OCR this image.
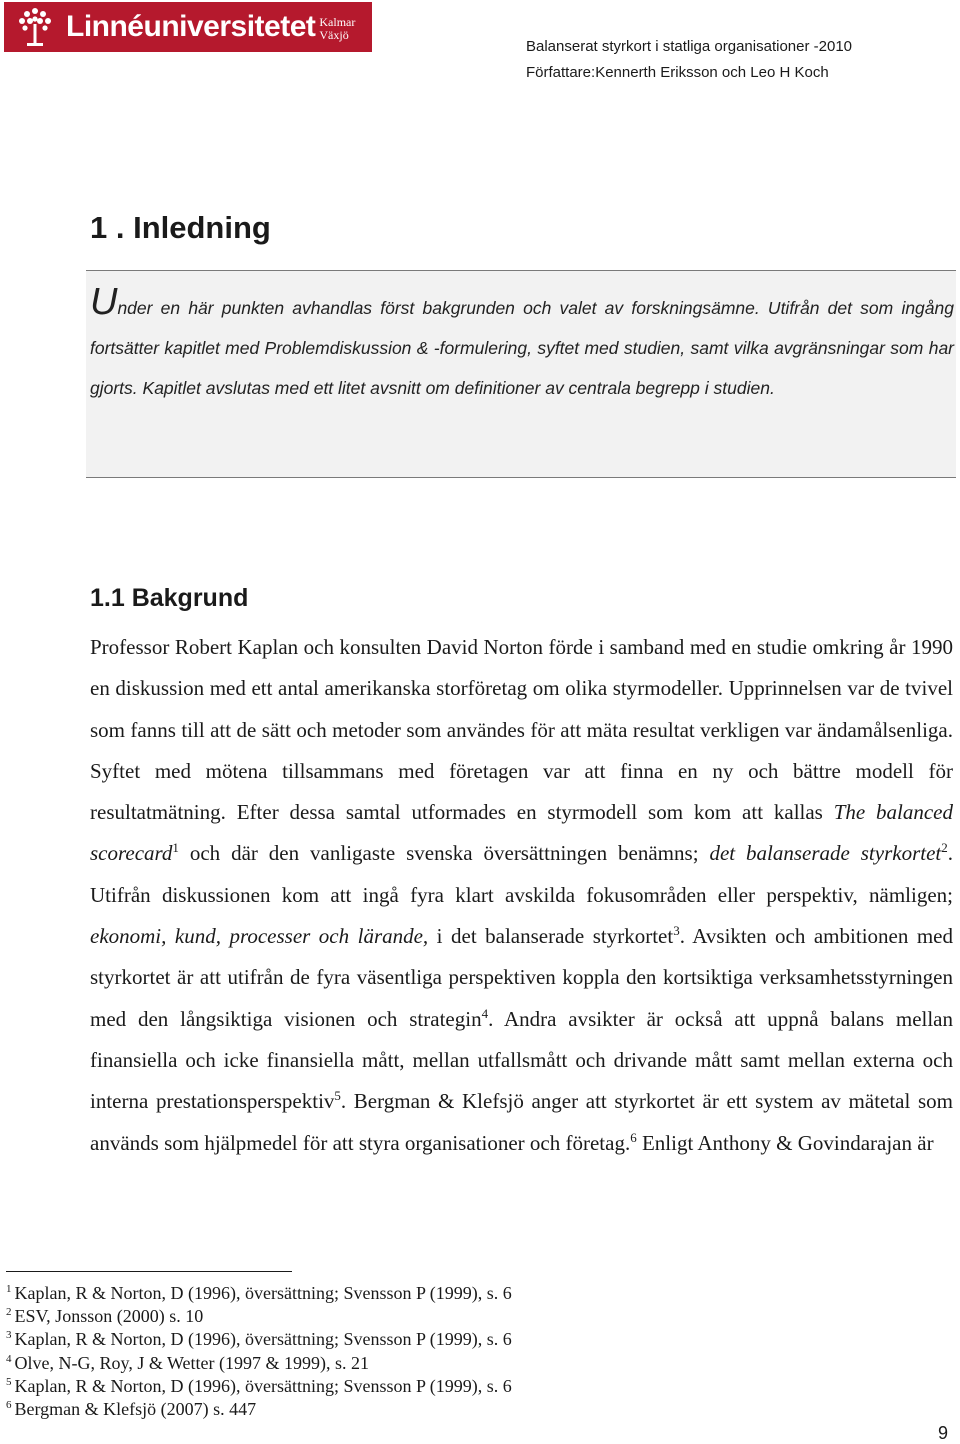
Linnéuniversitetet Kalmar
Växjö
Balanserat styrkort i statliga organisationer -2010
Författare:Kennerth Eriksson och Leo H Koch
1 . Inledning

Under en här punkten avhandlas först bakgrunden och valet av forskningsämne. Utifrån det som ingång fortsätter kapitlet med Problemdiskussion & -formulering, syftet med studien, samt vilka avgränsningar som har gjorts. Kapitlet avslutas med ett litet avsnitt om definitioner av centrala begrepp i studien.

1.1 Bakgrund

Professor Robert Kaplan och konsulten David Norton förde i samband med en studie omkring år 1990 en diskussion med ett antal amerikanska storföretag om olika styrmodeller. Upprinnelsen var de tvivel som fanns till att de sätt och metoder som användes för att mäta resultat verkligen var ändamålsenliga. Syftet med mötena tillsammans med företagen var att finna en ny och bättre modell för resultatmätning. Efter dessa samtal utformades en styrmodell som kom att kallas The balanced scorecard$^1$ och där den vanligaste svenska översättningen benämns; det balanserade styrkortet$^2$. Utifrån diskussionen kom att ingå fyra klart avskilda fokusområden eller perspektiv, nämligen; ekonomi, kund, processer och lärande, i det balanserade styrkortet$^3$. Avsikten och ambitionen med styrkortet är att utifrån de fyra väsentliga perspektiven koppla den kortsiktiga verksamhetsstyrningen med den långsiktiga visionen och strategin$^4$. Andra avsikter är också att uppnå balans mellan finansiella och icke finansiella mått, mellan utfallsmått och drivande mått samt mellan externa och interna prestationsperspektiv$^5$. Bergman & Klefsjö anger att styrkortet är ett system av mätetal som används som hjälpmedel för att styra organisationer och företag.$^6$ Enligt Anthony & Govindarajan är

$^1$ Kaplan, R & Norton, D (1996), översättning; Svensson P (1999), s. 6
$^2$ ESV, Jonsson (2000) s. 10
$^3$ Kaplan, R & Norton, D (1996), översättning; Svensson P (1999), s. 6
$^4$ Olve, N-G, Roy, J & Wetter (1997 & 1999), s. 21
$^5$ Kaplan, R & Norton, D (1996), översättning; Svensson P (1999), s. 6
$^6$ Bergman & Klefsjö (2007) s. 447
9
